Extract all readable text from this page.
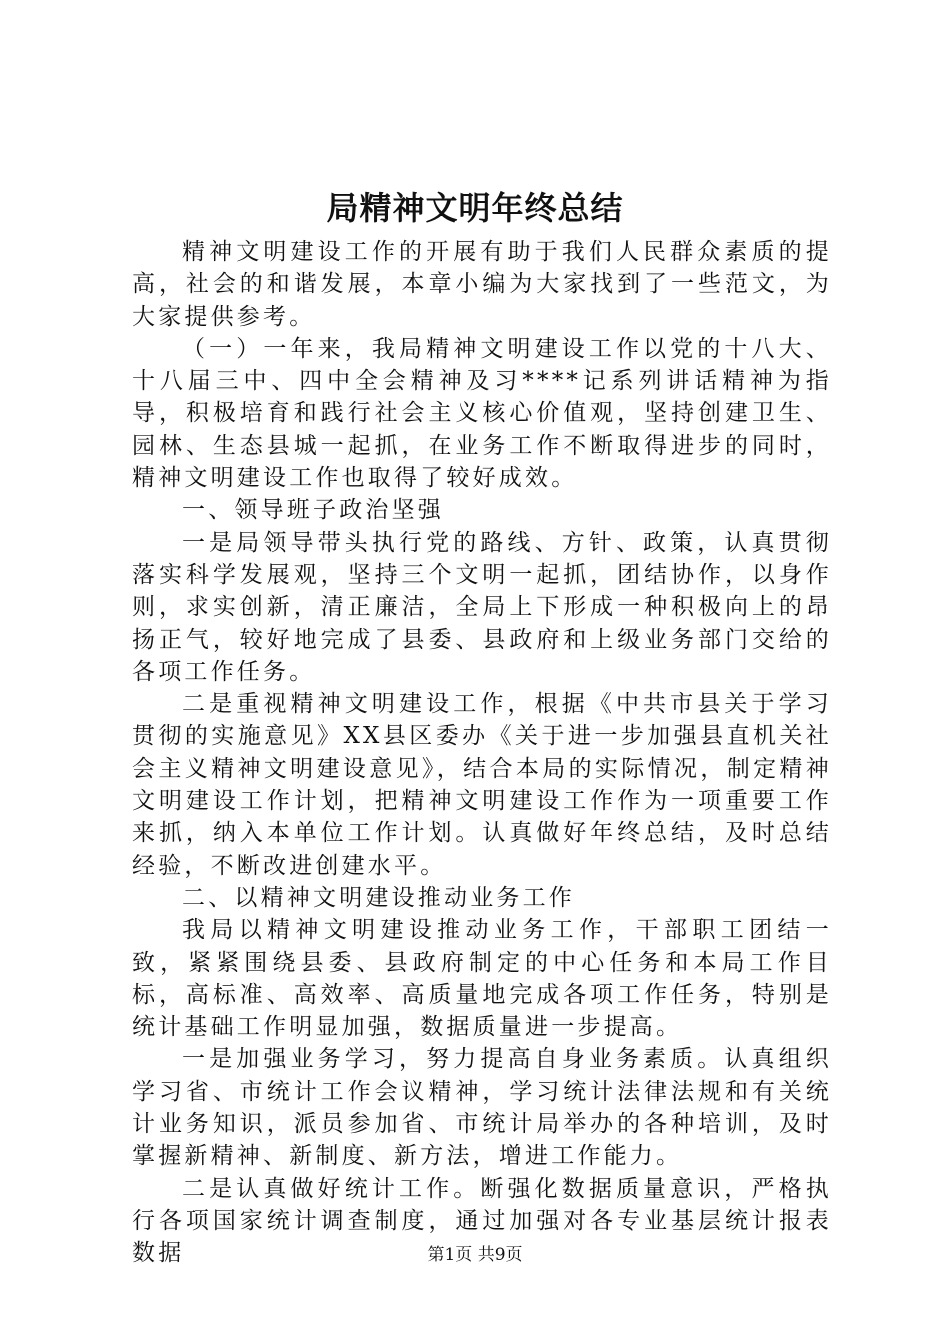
局精神文明年终总结

精神文明建设工作的开展有助于我们人民群众素质的提高，社会的和谐发展，本章小编为大家找到了一些范文，为大家提供参考。

（一）一年来，我局精神文明建设工作以党的十八大、十八届三中、四中全会精神及习****记系列讲话精神为指导，积极培育和践行社会主义核心价值观，坚持创建卫生、园林、生态县城一起抓，在业务工作不断取得进步的同时，精神文明建设工作也取得了较好成效。

一、领导班子政治坚强

一是局领导带头执行党的路线、方针、政策，认真贯彻落实科学发展观，坚持三个文明一起抓，团结协作，以身作则，求实创新，清正廉洁，全局上下形成一种积极向上的昂扬正气，较好地完成了县委、县政府和上级业务部门交给的各项工作任务。

二是重视精神文明建设工作，根据《中共市县关于学习贯彻的实施意见》XX县区委办《关于进一步加强县直机关社会主义精神文明建设意见》，结合本局的实际情况，制定精神文明建设工作计划，把精神文明建设工作作为一项重要工作来抓，纳入本单位工作计划。认真做好年终总结，及时总结经验，不断改进创建水平。

二、以精神文明建设推动业务工作

我局以精神文明建设推动业务工作，干部职工团结一致，紧紧围绕县委、县政府制定的中心任务和本局工作目标，高标准、高效率、高质量地完成各项工作任务，特别是统计基础工作明显加强，数据质量进一步提高。

一是加强业务学习，努力提高自身业务素质。认真组织学习省、市统计工作会议精神，学习统计法律法规和有关统计业务知识，派员参加省、市统计局举办的各种培训，及时掌握新精神、新制度、新方法，增进工作能力。

二是认真做好统计工作。断强化数据质量意识，严格执行各项国家统计调查制度，通过加强对各专业基层统计报表数据	第1页 共9页
